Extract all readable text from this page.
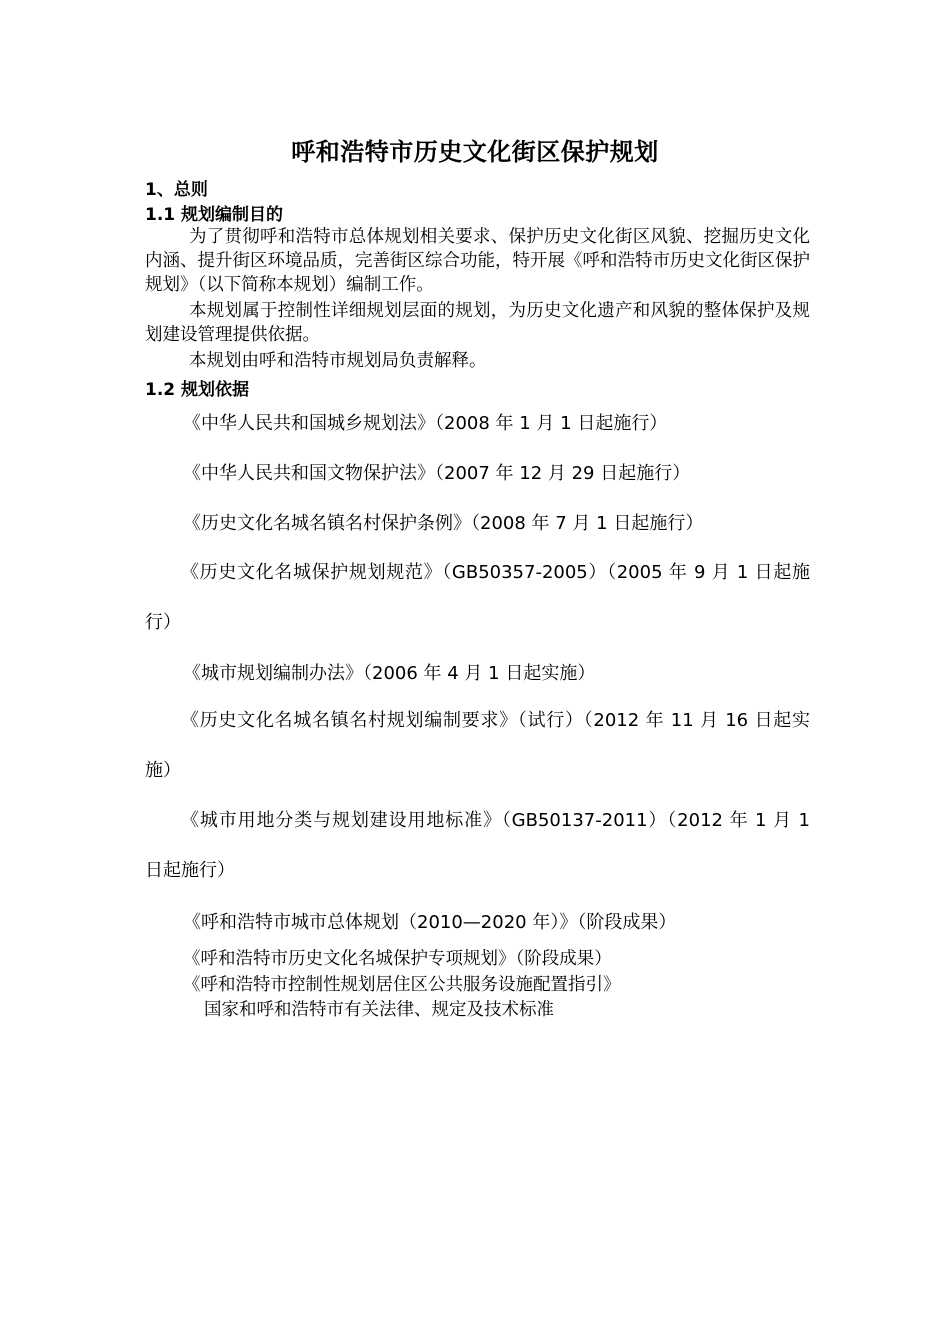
呼和浩特市历史文化街区保护规划
1、总则
1.1 规划编制目的
为了贯彻呼和浩特市总体规划相关要求、保护历史文化街区风貌、挖掘历史文化内涵、提升街区环境品质，完善街区综合功能，特开展《呼和浩特市历史文化街区保护规划》（以下简称本规划）编制工作。
本规划属于控制性详细规划层面的规划，为历史文化遗产和风貌的整体保护及规划建设管理提供依据。
本规划由呼和浩特市规划局负责解释。
1.2 规划依据
《中华人民共和国城乡规划法》（2008 年 1 月 1 日起施行）
《中华人民共和国文物保护法》（2007 年 12 月 29 日起施行）
《历史文化名城名镇名村保护条例》（2008 年 7 月 1 日起施行）
《历史文化名城保护规划规范》（GB50357-2005）（2005 年 9 月 1 日起施行）
《城市规划编制办法》（2006 年 4 月 1 日起实施）
《历史文化名城名镇名村规划编制要求》（试行）（2012 年 11 月 16 日起实施）
《城市用地分类与规划建设用地标准》（GB50137-2011）（2012 年 1 月 1 日起施行）
《呼和浩特市城市总体规划（2010—2020 年）》（阶段成果）
《呼和浩特市历史文化名城保护专项规划》（阶段成果）
《呼和浩特市控制性规划居住区公共服务设施配置指引》
国家和呼和浩特市有关法律、规定及技术标准
